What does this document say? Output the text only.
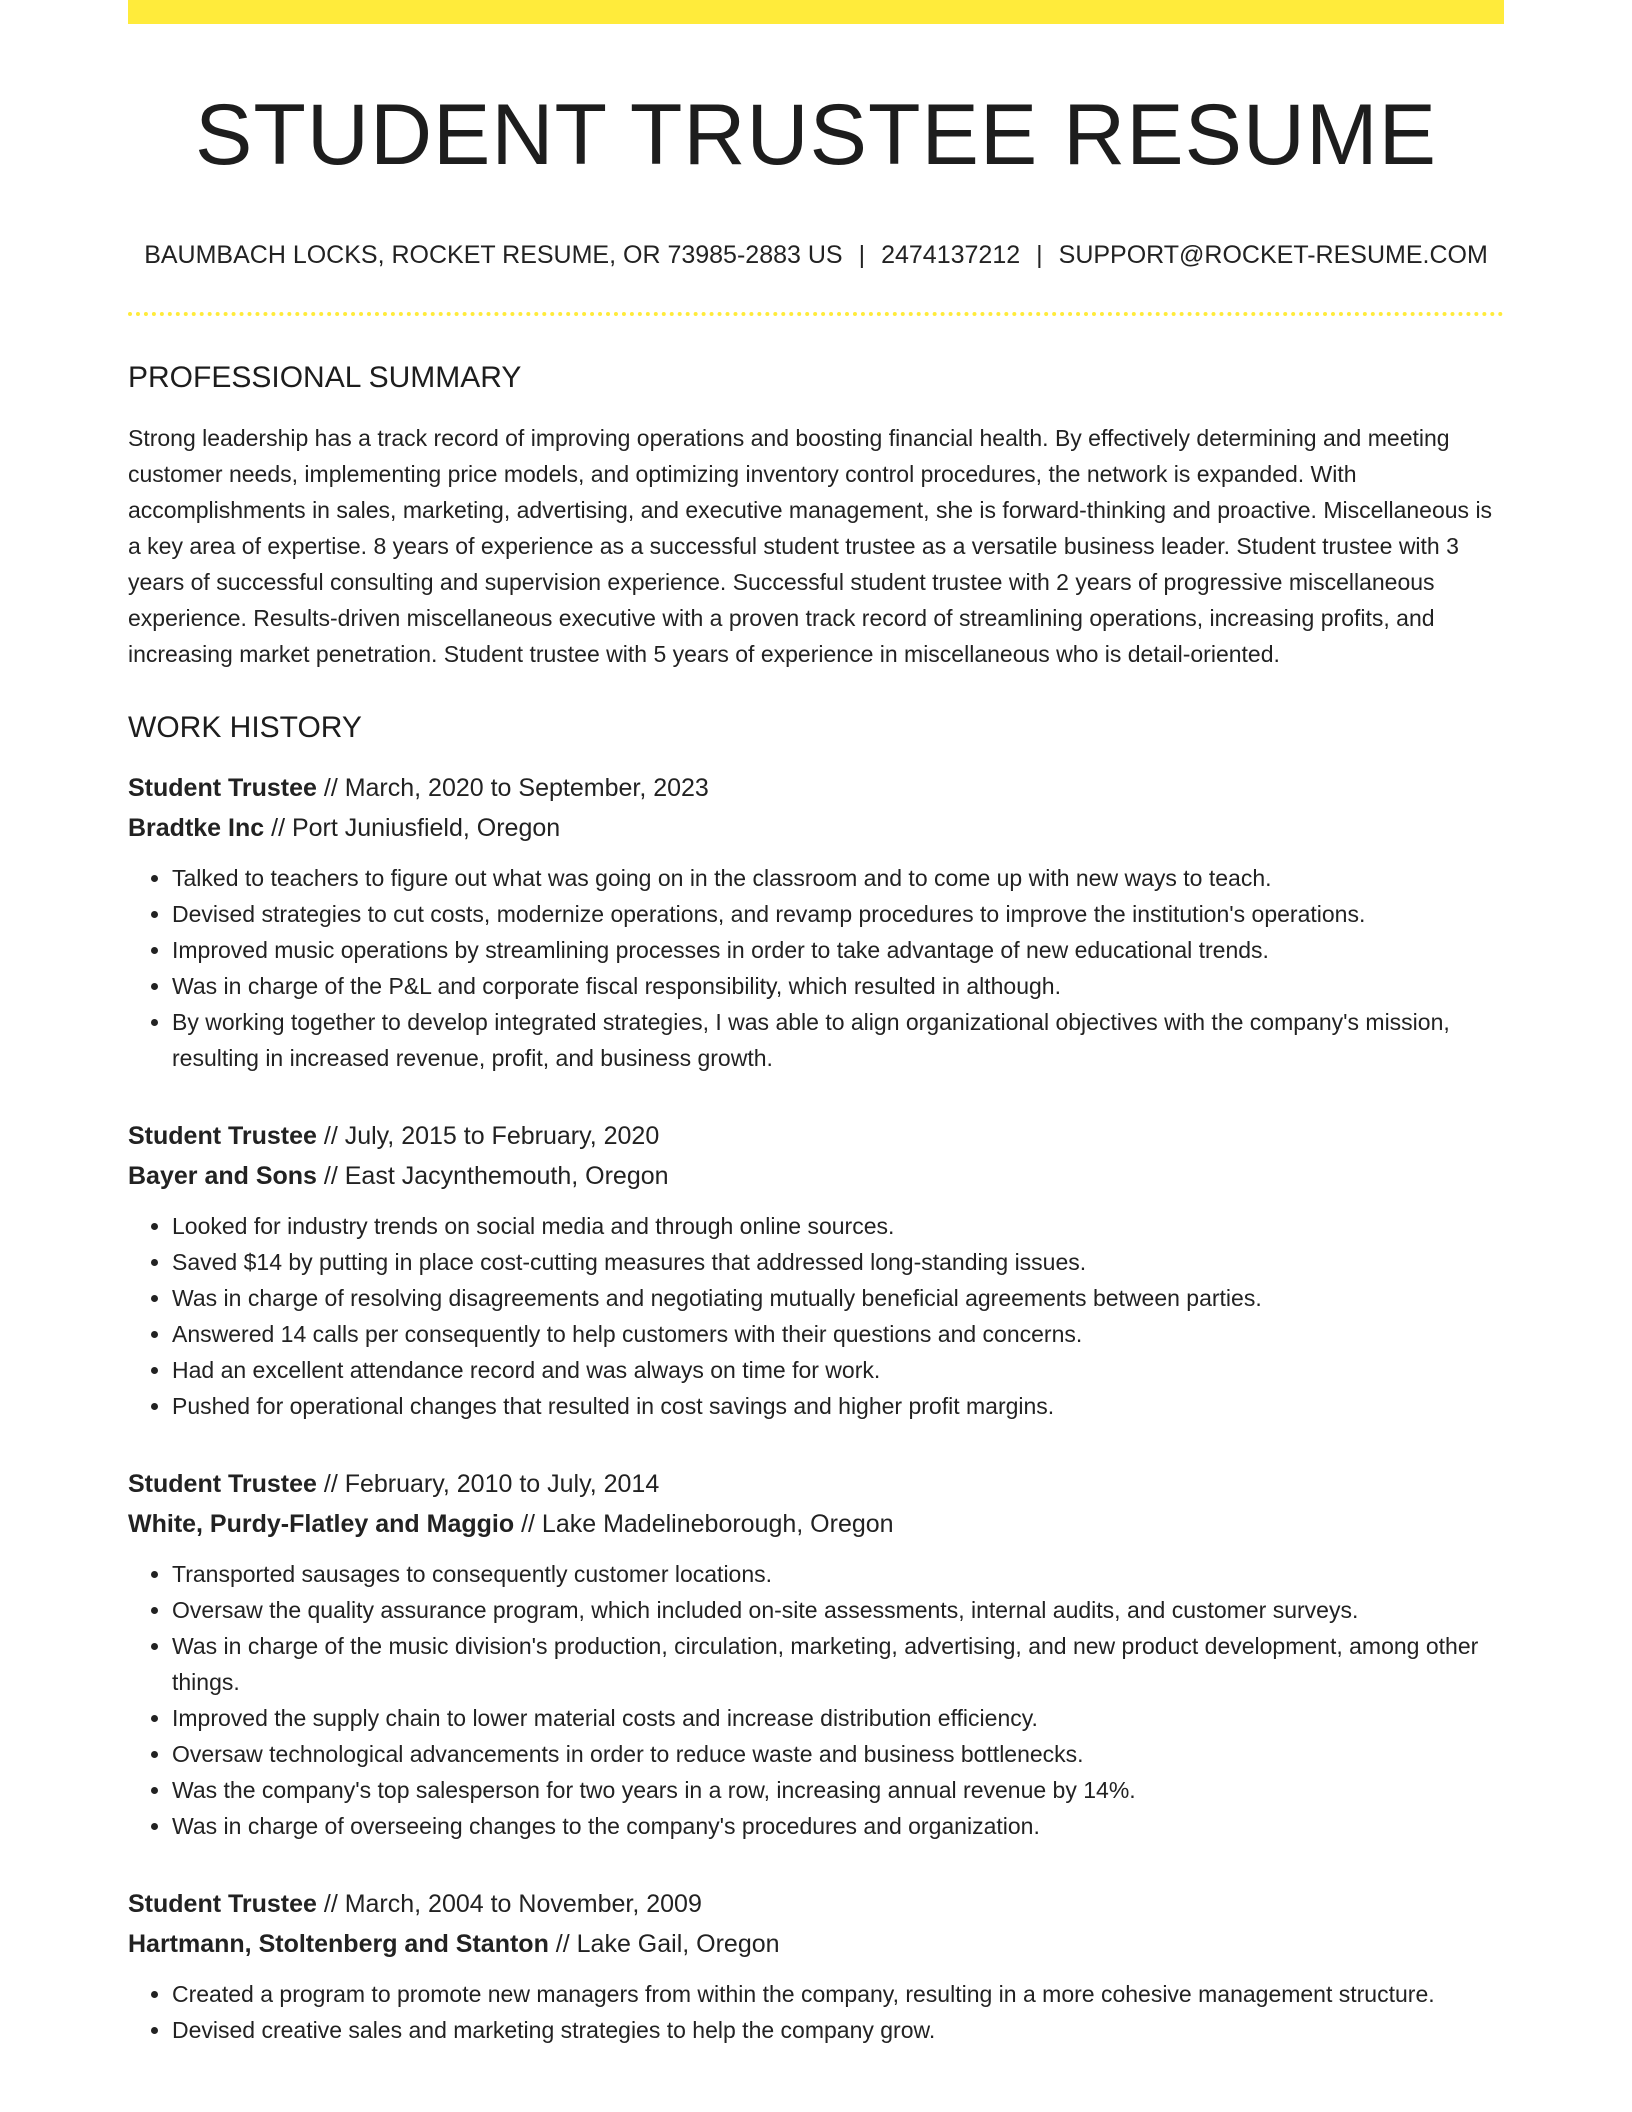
STUDENT TRUSTEE RESUME
BAUMBACH LOCKS, ROCKET RESUME, OR 73985-2883 US | 2474137212 | SUPPORT@ROCKET-RESUME.COM
PROFESSIONAL SUMMARY

Strong leadership has a track record of improving operations and boosting financial health. By effectively determining and meeting customer needs, implementing price models, and optimizing inventory control procedures, the network is expanded. With accomplishments in sales, marketing, advertising, and executive management, she is forward-thinking and proactive. Miscellaneous is a key area of expertise. 8 years of experience as a successful student trustee as a versatile business leader. Student trustee with 3 years of successful consulting and supervision experience. Successful student trustee with 2 years of progressive miscellaneous experience. Results-driven miscellaneous executive with a proven track record of streamlining operations, increasing profits, and increasing market penetration. Student trustee with 5 years of experience in miscellaneous who is detail-oriented.

WORK HISTORY
Student Trustee // March, 2020 to September, 2023
Bradtke Inc // Port Juniusfield, Oregon
• Talked to teachers to figure out what was going on in the classroom and to come up with new ways to teach.
• Devised strategies to cut costs, modernize operations, and revamp procedures to improve the institution's operations.
• Improved music operations by streamlining processes in order to take advantage of new educational trends.
• Was in charge of the P&L and corporate fiscal responsibility, which resulted in although.
• By working together to develop integrated strategies, I was able to align organizational objectives with the company's mission, resulting in increased revenue, profit, and business growth.
Student Trustee // July, 2015 to February, 2020
Bayer and Sons // East Jacynthemouth, Oregon
• Looked for industry trends on social media and through online sources.
• Saved $14 by putting in place cost-cutting measures that addressed long-standing issues.
• Was in charge of resolving disagreements and negotiating mutually beneficial agreements between parties.
• Answered 14 calls per consequently to help customers with their questions and concerns.
• Had an excellent attendance record and was always on time for work.
• Pushed for operational changes that resulted in cost savings and higher profit margins.
Student Trustee // February, 2010 to July, 2014
White, Purdy-Flatley and Maggio // Lake Madelineborough, Oregon
• Transported sausages to consequently customer locations.
• Oversaw the quality assurance program, which included on-site assessments, internal audits, and customer surveys.
• Was in charge of the music division's production, circulation, marketing, advertising, and new product development, among other things.
• Improved the supply chain to lower material costs and increase distribution efficiency.
• Oversaw technological advancements in order to reduce waste and business bottlenecks.
• Was the company's top salesperson for two years in a row, increasing annual revenue by 14%.
• Was in charge of overseeing changes to the company's procedures and organization.
Student Trustee // March, 2004 to November, 2009
Hartmann, Stoltenberg and Stanton // Lake Gail, Oregon
• Created a program to promote new managers from within the company, resulting in a more cohesive management structure.
• Devised creative sales and marketing strategies to help the company grow.
